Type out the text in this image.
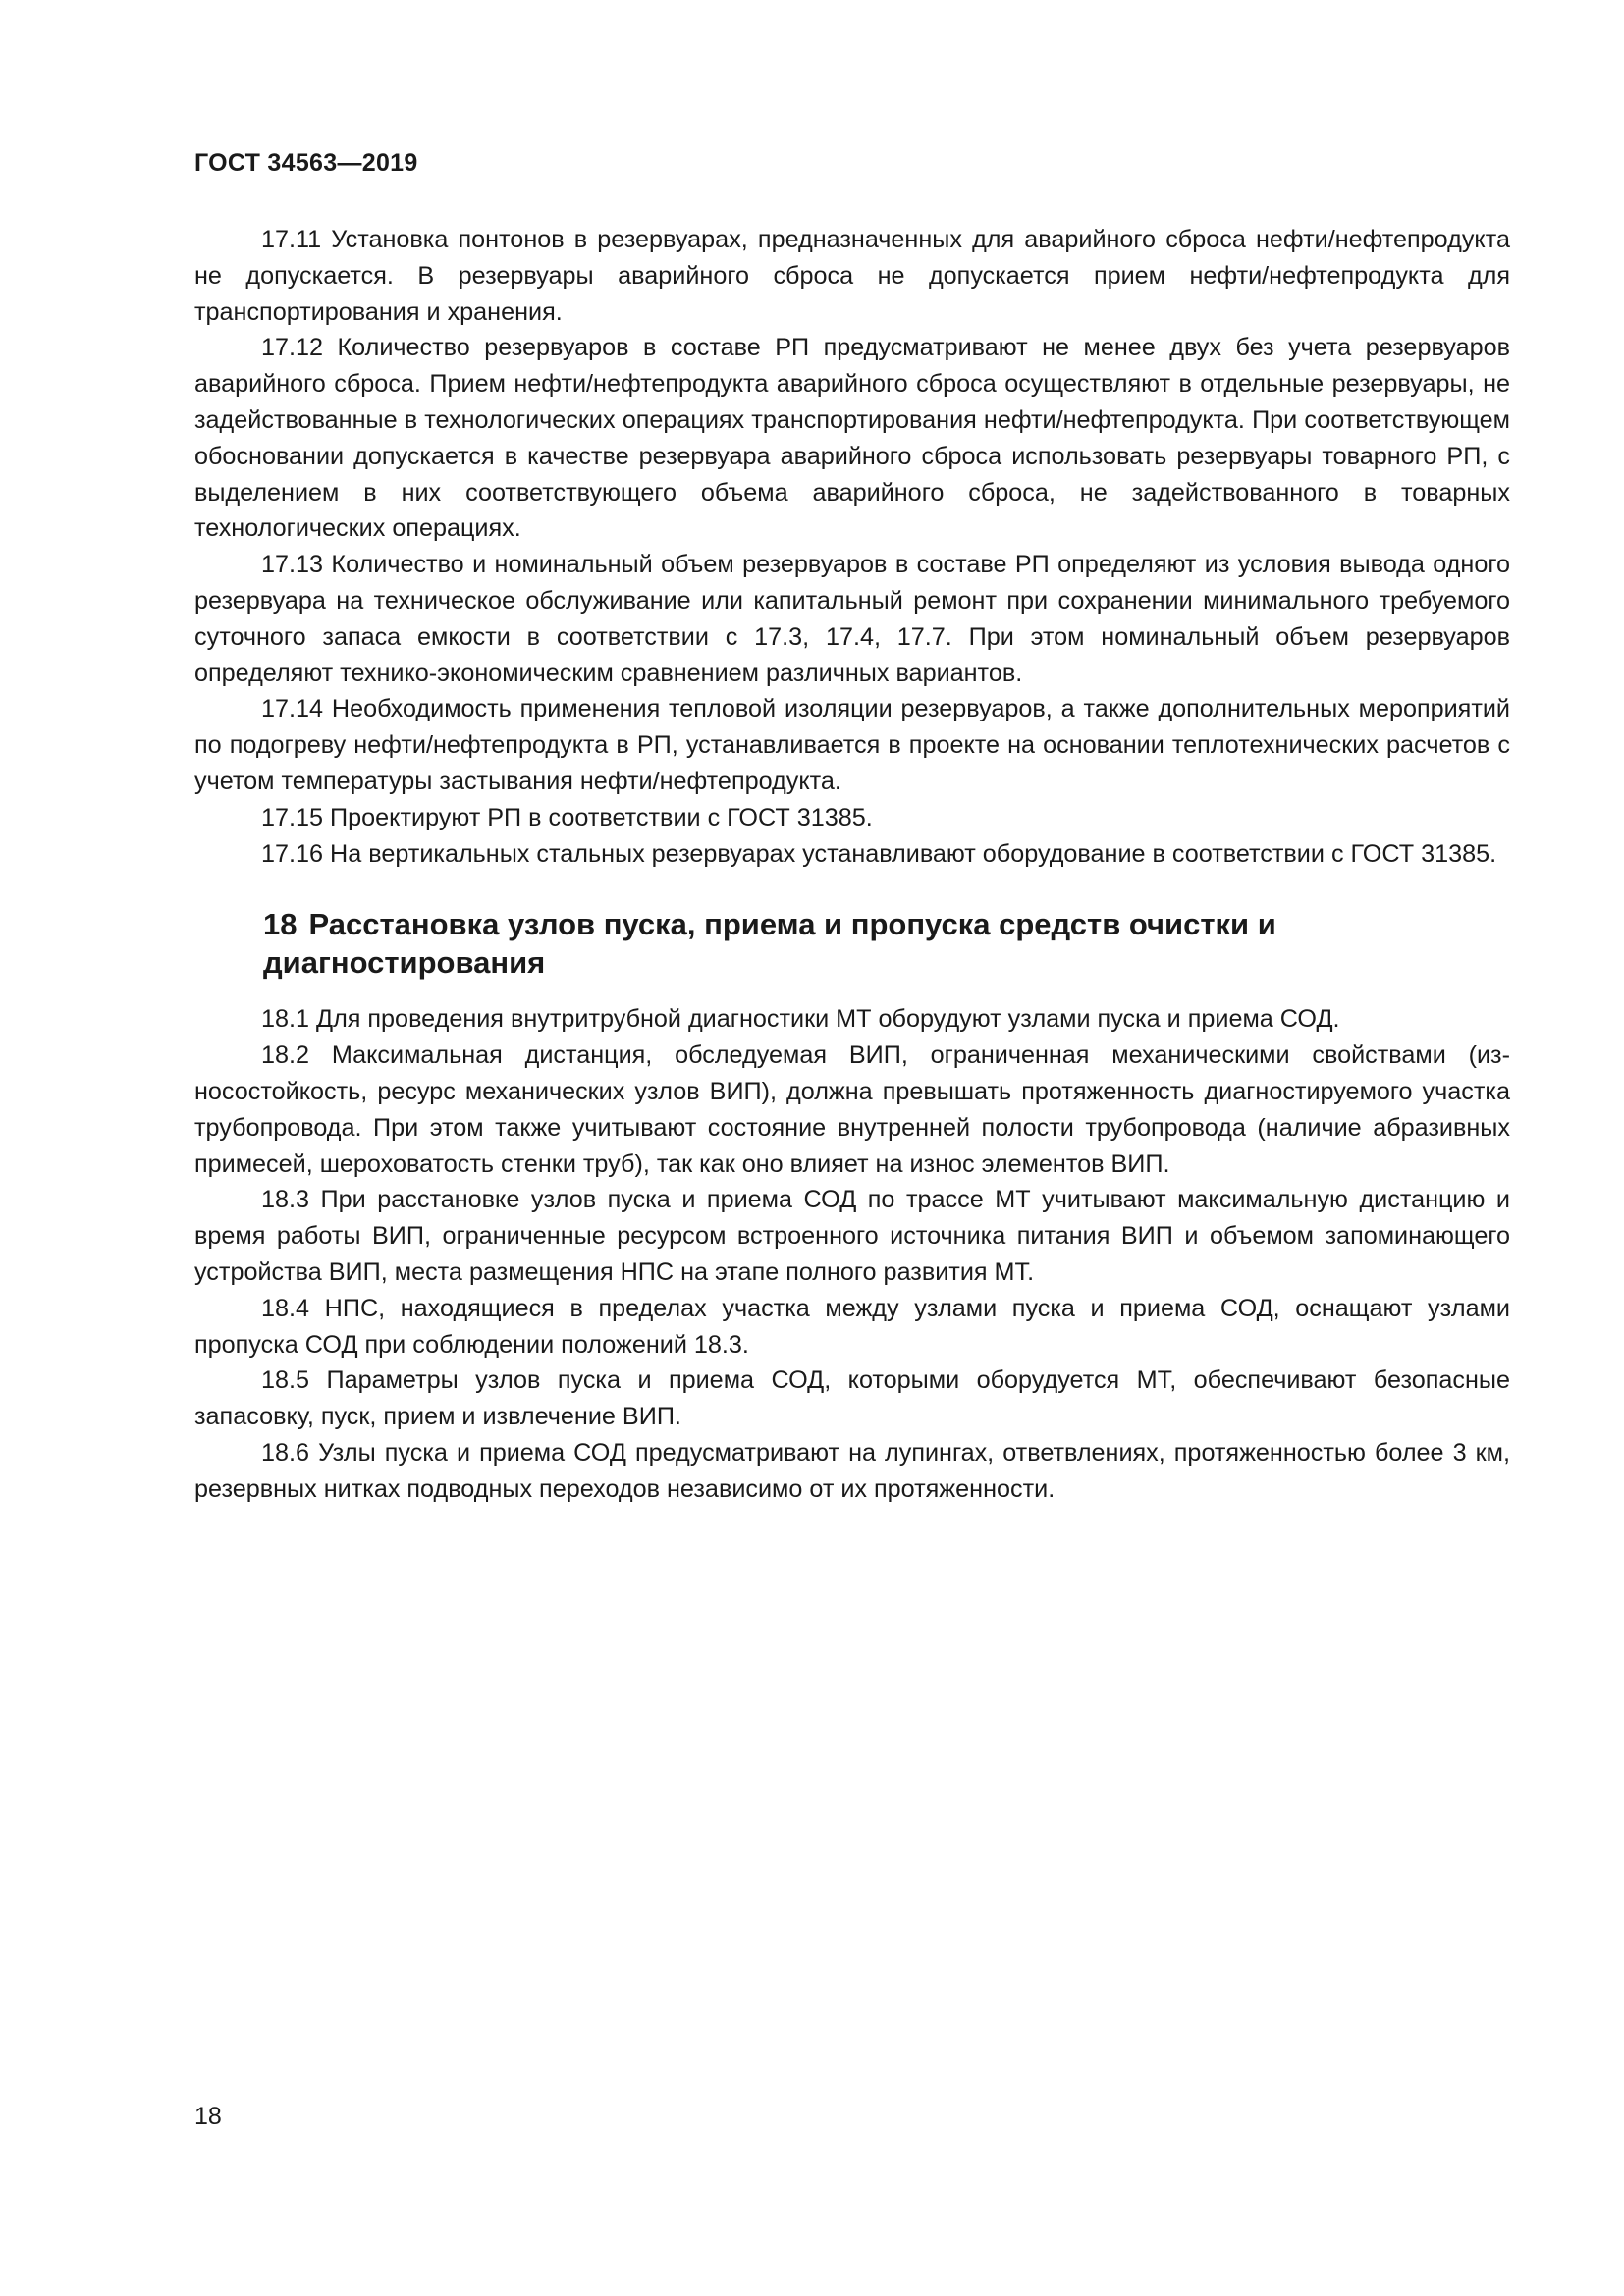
ГОСТ 34563—2019

17.11 Установка понтонов в резервуарах, предназначенных для аварийного сброса нефти/нефтепродукта не допускается. В резервуары аварийного сброса не допускается прием нефти/нефтепродукта для транспортирования и хранения.

17.12 Количество резервуаров в составе РП предусматривают не менее двух без учета резервуаров аварийного сброса. Прием нефти/нефтепродукта аварийного сброса осуществляют в отдельные резервуары, не задействованные в технологических операциях транспортирования нефти/нефтепродукта. При соответствующем обосновании допускается в качестве резервуара аварийного сброса использовать резервуары товарного РП, с выделением в них соответствующего объема аварийного сброса, не задействованного в товарных технологических операциях.

17.13 Количество и номинальный объем резервуаров в составе РП определяют из условия вывода одного резервуара на техническое обслуживание или капитальный ремонт при сохранении минимального требуемого суточного запаса емкости в соответствии с 17.3, 17.4, 17.7. При этом номинальный объем резервуаров определяют технико-экономическим сравнением различных вариантов.

17.14 Необходимость применения тепловой изоляции резервуаров, а также дополнительных мероприятий по подогреву нефти/нефтепродукта в РП, устанавливается в проекте на основании теплотехнических расчетов с учетом температуры застывания нефти/нефтепродукта.

17.15 Проектируют РП в соответствии с ГОСТ 31385.

17.16 На вертикальных стальных резервуарах устанавливают оборудование в соответствии с ГОСТ 31385.

18 Расстановка узлов пуска, приема и пропуска средств очистки и диагностирования

18.1 Для проведения внутритрубной диагностики МТ оборудуют узлами пуска и приема СОД.

18.2 Максимальная дистанция, обследуемая ВИП, ограниченная механическими свойствами (износостойкость, ресурс механических узлов ВИП), должна превышать протяженность диагностируемого участка трубопровода. При этом также учитывают состояние внутренней полости трубопровода (наличие абразивных примесей, шероховатость стенки труб), так как оно влияет на износ элементов ВИП.

18.3 При расстановке узлов пуска и приема СОД по трассе МТ учитывают максимальную дистанцию и время работы ВИП, ограниченные ресурсом встроенного источника питания ВИП и объемом запоминающего устройства ВИП, места размещения НПС на этапе полного развития МТ.

18.4 НПС, находящиеся в пределах участка между узлами пуска и приема СОД, оснащают узлами пропуска СОД при соблюдении положений 18.3.

18.5 Параметры узлов пуска и приема СОД, которыми оборудуется МТ, обеспечивают безопасные запасовку, пуск, прием и извлечение ВИП.

18.6 Узлы пуска и приема СОД предусматривают на лупингах, ответвлениях, протяженностью более 3 км, резервных нитках подводных переходов независимо от их протяженности.

18
